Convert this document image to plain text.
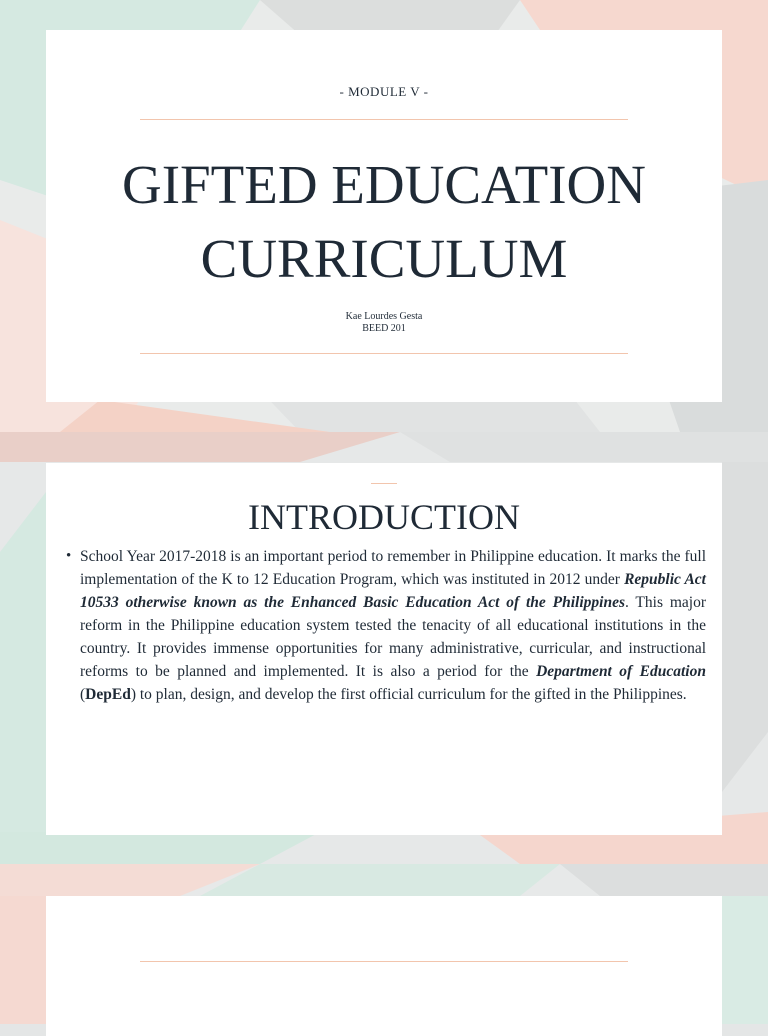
- MODULE V -
GIFTED EDUCATION
CURRICULUM
Kae Lourdes Gesta
BEED 201
INTRODUCTION
• School Year 2017-2018 is an important period to remember in Philippine education. It marks the full implementation of the K to 12 Education Program, which was instituted in 2012 under Republic Act 10533 otherwise known as the Enhanced Basic Education Act of the Philippines. This major reform in the Philippine education system tested the tenacity of all educational institutions in the country. It provides immense opportunities for many administrative, curricular, and instructional reforms to be planned and implemented. It is also a period for the Department of Education (DepEd) to plan, design, and develop the first official curriculum for the gifted in the Philippines.
